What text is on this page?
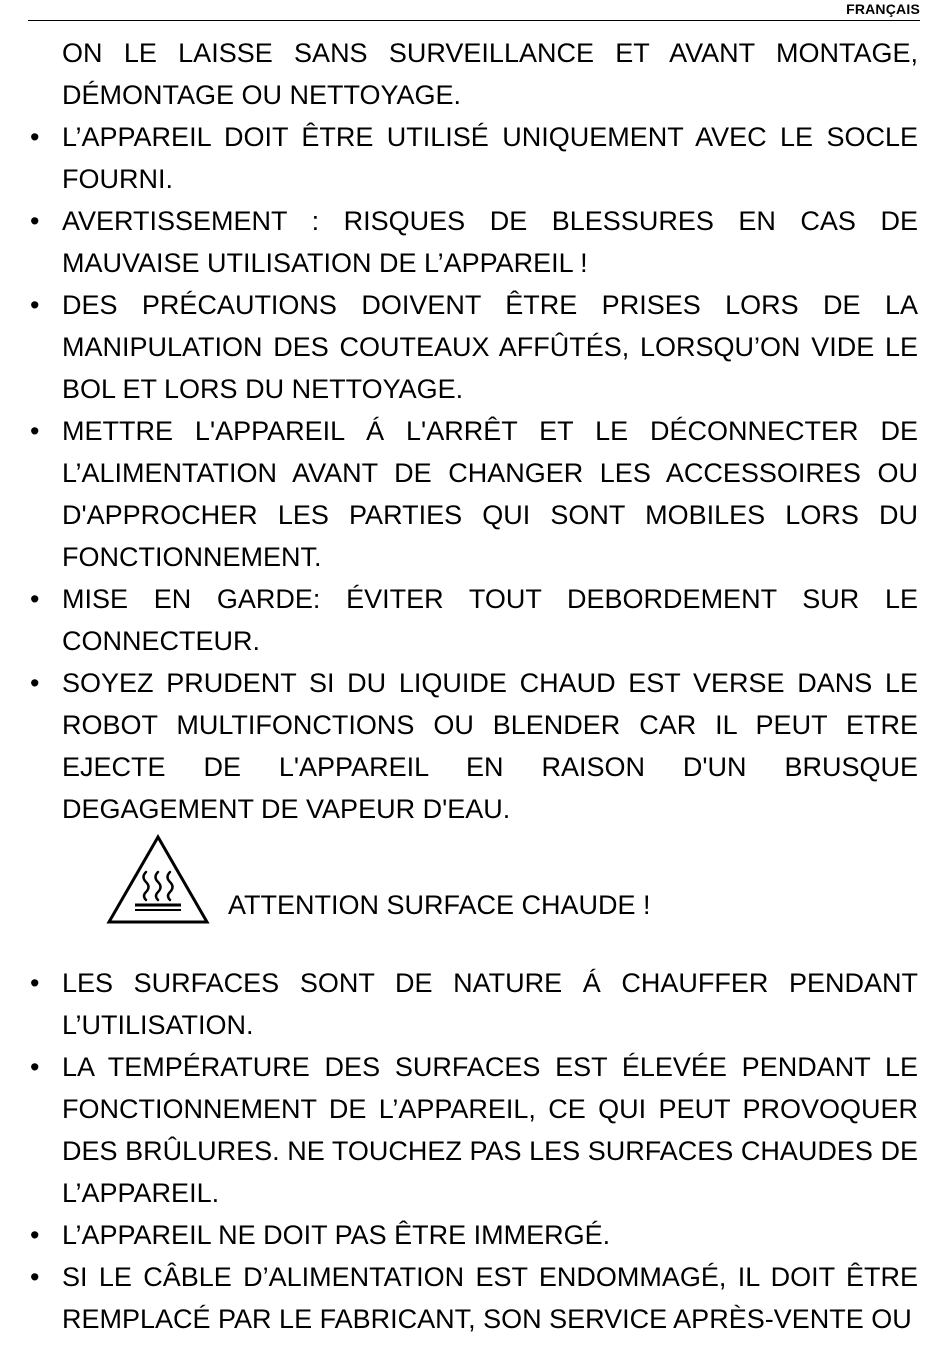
FRANÇAIS
ON LE LAISSE SANS SURVEILLANCE ET AVANT MONTAGE, DÉMONTAGE OU NETTOYAGE.
• L’APPAREIL DOIT ÊTRE UTILISÉ UNIQUEMENT AVEC LE SOCLE FOURNI.
• AVERTISSEMENT : RISQUES DE BLESSURES EN CAS DE MAUVAISE UTILISATION DE L’APPAREIL !
• DES PRÉCAUTIONS DOIVENT ÊTRE PRISES LORS DE LA MANIPULATION DES COUTEAUX AFFÛTÉS, LORSQU’ON VIDE LE BOL ET LORS DU NETTOYAGE.
• METTRE L'APPAREIL Á L'ARRÊT ET LE DÉCONNECTER DE L’ALIMENTATION AVANT DE CHANGER LES ACCESSOIRES OU D'APPROCHER LES PARTIES QUI SONT MOBILES LORS DU FONCTIONNEMENT.
• MISE EN GARDE: ÉVITER TOUT DEBORDEMENT SUR LE CONNECTEUR.
• SOYEZ PRUDENT SI DU LIQUIDE CHAUD EST VERSE DANS LE ROBOT MULTIFONCTIONS OU BLENDER CAR IL PEUT ETRE EJECTE DE L'APPAREIL EN RAISON D'UN BRUSQUE DEGAGEMENT DE VAPEUR D'EAU.
ATTENTION SURFACE CHAUDE !
• LES SURFACES SONT DE NATURE Á CHAUFFER PENDANT L’UTILISATION.
• LA TEMPÉRATURE DES SURFACES EST ÉLEVÉE PENDANT LE FONCTIONNEMENT DE L’APPAREIL, CE QUI PEUT PROVOQUER DES BRÛLURES. NE TOUCHEZ PAS LES SURFACES CHAUDES DE L’APPAREIL.
• L’APPAREIL NE DOIT PAS ÊTRE IMMERGÉ.
• SI LE CÂBLE D’ALIMENTATION EST ENDOMMAGÉ, IL DOIT ÊTRE REMPLACÉ PAR LE FABRICANT, SON SERVICE APRÈS-VENTE OU
